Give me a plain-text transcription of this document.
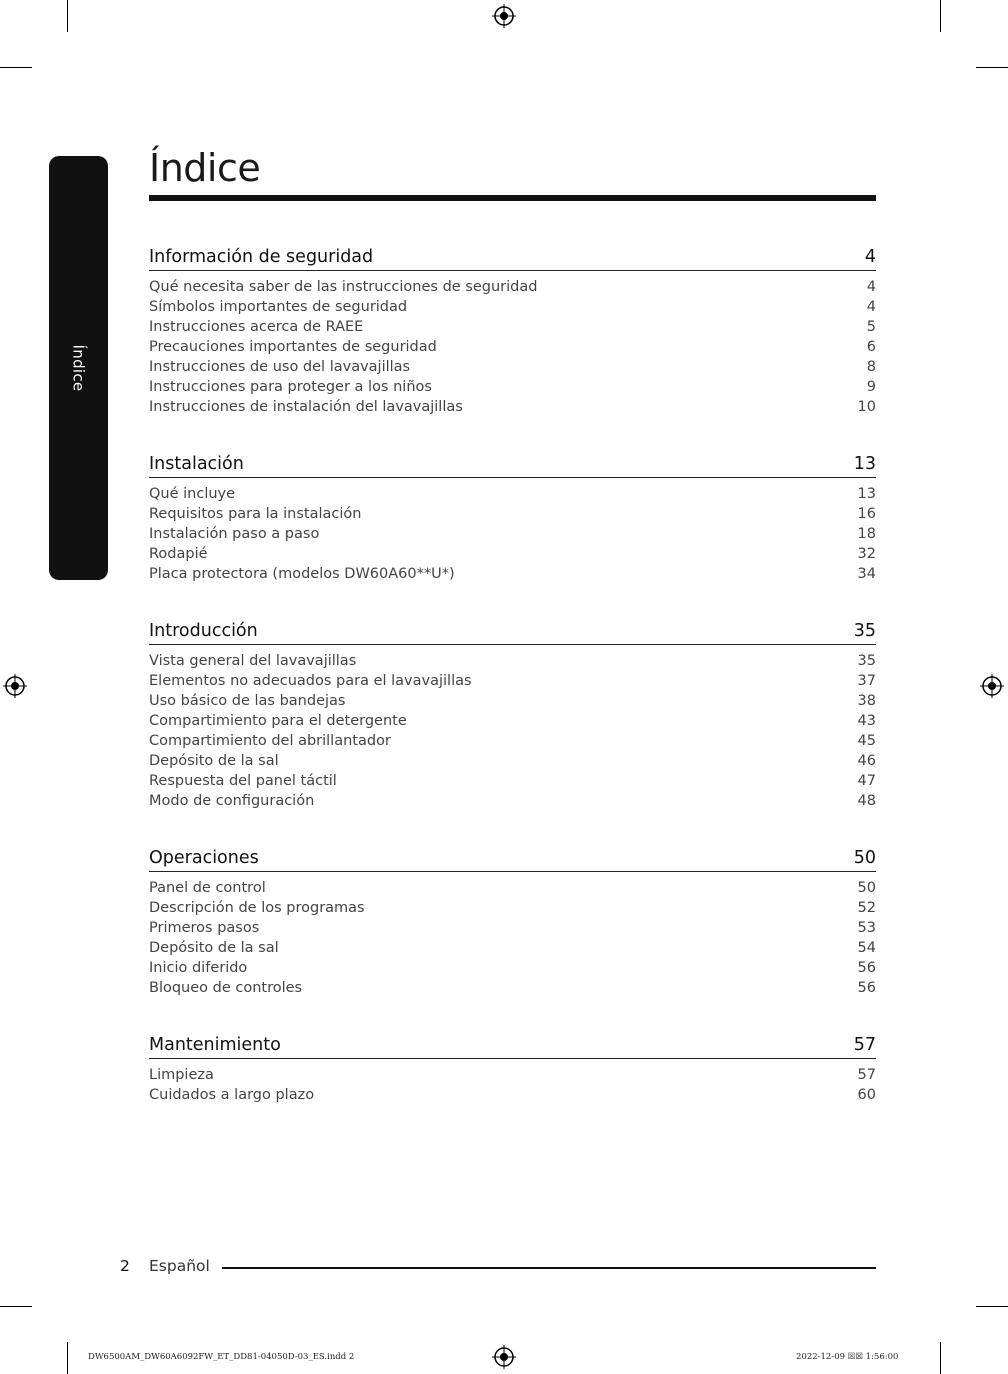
Índice
Índice
Información de seguridad	4
Qué necesita saber de las instrucciones de seguridad	4
Símbolos importantes de seguridad	4
Instrucciones acerca de RAEE	5
Precauciones importantes de seguridad	6
Instrucciones de uso del lavavajillas	8
Instrucciones para proteger a los niños	9
Instrucciones de instalación del lavavajillas	10
Instalación	13
Qué incluye	13
Requisitos para la instalación	16
Instalación paso a paso	18
Rodapié	32
Placa protectora (modelos DW60A60**U*)	34
Introducción	35
Vista general del lavavajillas	35
Elementos no adecuados para el lavavajillas	37
Uso básico de las bandejas	38
Compartimiento para el detergente	43
Compartimiento del abrillantador	45
Depósito de la sal	46
Respuesta del panel táctil	47
Modo de configuración	48
Operaciones	50
Panel de control	50
Descripción de los programas	52
Primeros pasos	53
Depósito de la sal	54
Inicio diferido	56
Bloqueo de controles	56
Mantenimiento	57
Limpieza	57
Cuidados a largo plazo	60
2 Español
DW6500AM_DW60A6092FW_ET_DD81-04050D-03_ES.indd 2	2022-12-09 ☒☒ 1:56:00
